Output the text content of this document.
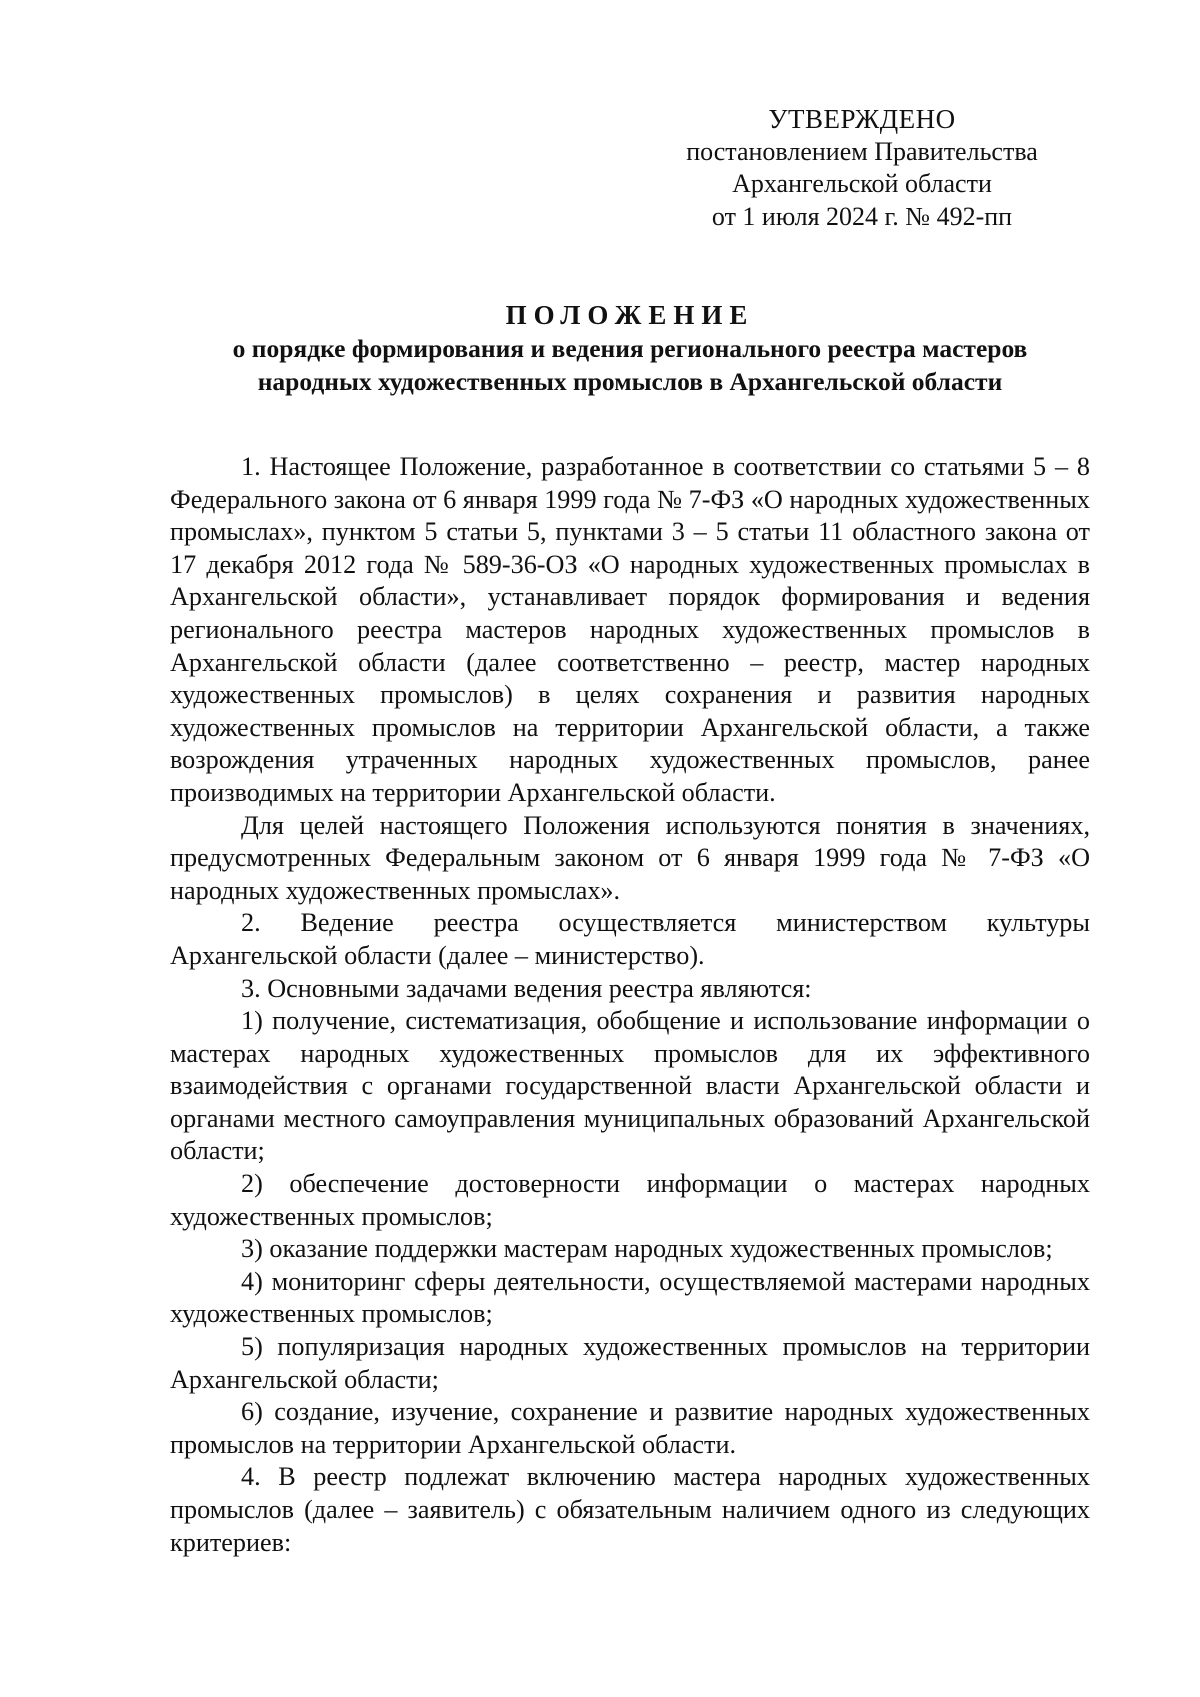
УТВЕРЖДЕНО
постановлением Правительства
Архангельской области
от 1 июля 2024 г. № 492-пп
ПОЛОЖЕНИЕ
о порядке формирования и ведения регионального реестра мастеров
народных художественных промыслов в Архангельской области

1. Настоящее Положение, разработанное в соответствии со статьями 5 – 8 Федерального закона от 6 января 1999 года № 7-ФЗ «О народных художественных промыслах», пунктом 5 статьи 5, пунктами 3 – 5 статьи 11 областного закона от 17 декабря 2012 года № 589-36-ОЗ «О народных художественных промыслах в Архангельской области», устанавливает порядок формирования и ведения регионального реестра мастеров народных художественных промыслов в Архангельской области (далее соответственно – реестр, мастер народных художественных промыслов) в целях сохранения и развития народных художественных промыслов на территории Архангельской области, а также возрождения утраченных народных художественных промыслов, ранее производимых на территории Архангельской области.

Для целей настоящего Положения используются понятия в значениях, предусмотренных Федеральным законом от 6 января 1999 года № 7-ФЗ «О народных художественных промыслах».

2. Ведение реестра осуществляется министерством культуры Архангельской области (далее – министерство).

3. Основными задачами ведения реестра являются:

1) получение, систематизация, обобщение и использование информации о мастерах народных художественных промыслов для их эффективного взаимодействия с органами государственной власти Архангельской области и органами местного самоуправления муниципальных образований Архангельской области;

2) обеспечение достоверности информации о мастерах народных художественных промыслов;

3) оказание поддержки мастерам народных художественных промыслов;

4) мониторинг сферы деятельности, осуществляемой мастерами народных художественных промыслов;

5) популяризация народных художественных промыслов на территории Архангельской области;

6) создание, изучение, сохранение и развитие народных художественных промыслов на территории Архангельской области.

4. В реестр подлежат включению мастера народных художественных промыслов (далее – заявитель) с обязательным наличием одного из следующих критериев:
